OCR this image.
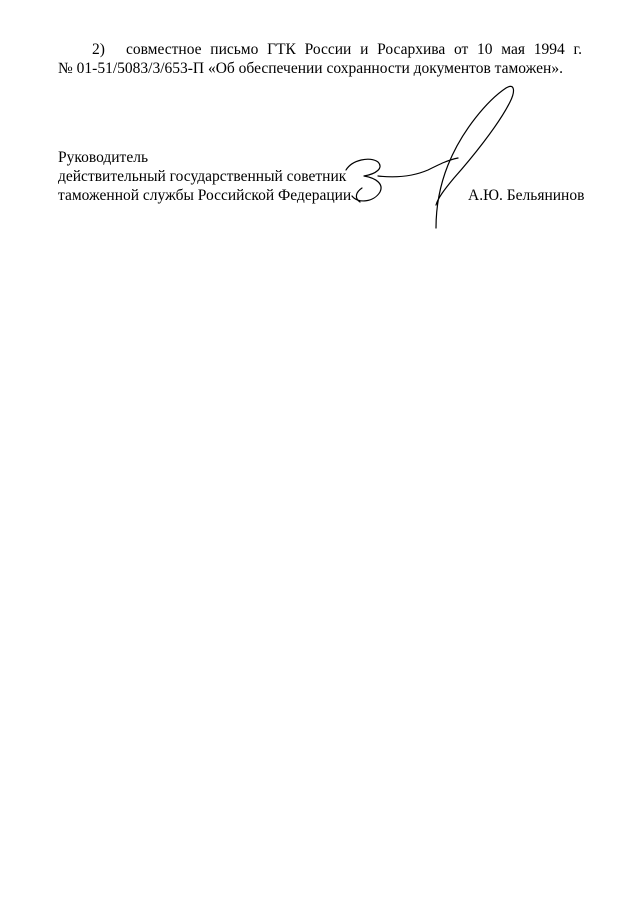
2) совместное письмо ГТК России и Росархива от 10 мая 1994 г.
№ 01-51/5083/3/653-П «Об обеспечении сохранности документов таможен».
Руководитель
действительный государственный советник
таможенной службы Российской Федерации	А.Ю. Бельянинов
